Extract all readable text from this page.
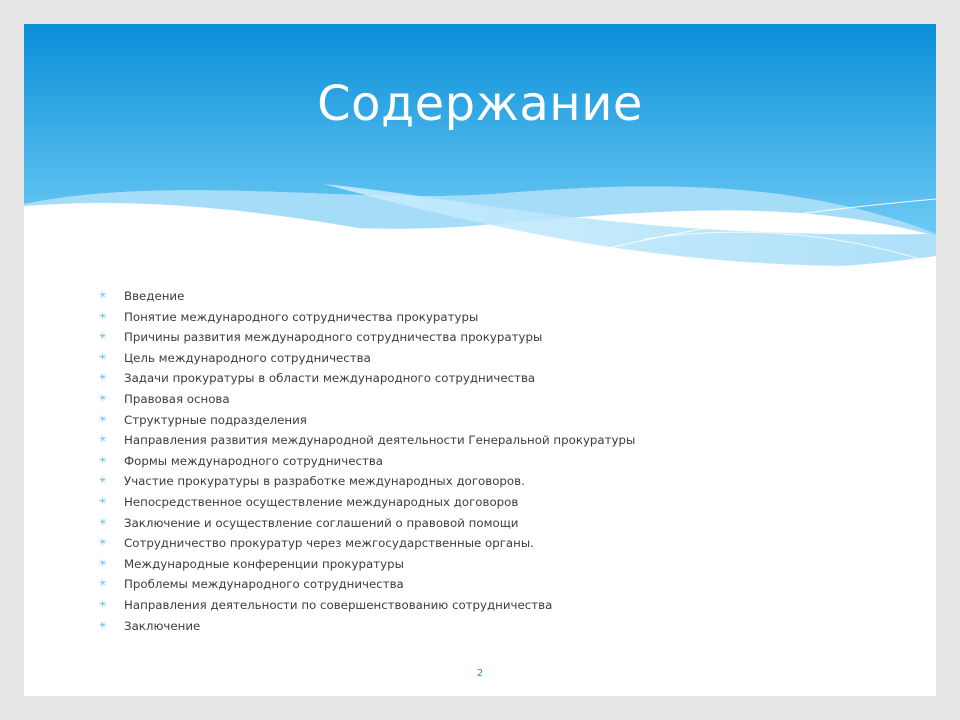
Содержание
✳ Введение
✳ Понятие международного сотрудничества прокуратуры
✳ Причины развития международного сотрудничества прокуратуры
✳ Цель международного сотрудничества
✳ Задачи прокуратуры в области международного сотрудничества
✳ Правовая основа
✳ Структурные подразделения
✳ Направления развития международной деятельности Генеральной прокуратуры
✳ Формы международного сотрудничества
✳ Участие прокуратуры в разработке международных договоров.
✳ Непосредственное осуществление международных договоров
✳ Заключение и осуществление соглашений о правовой помощи
✳ Сотрудничество прокуратур через межгосударственные органы.
✳ Международные конференции прокуратуры
✳ Проблемы международного сотрудничества
✳ Направления деятельности по совершенствованию сотрудничества
✳ Заключение
2
